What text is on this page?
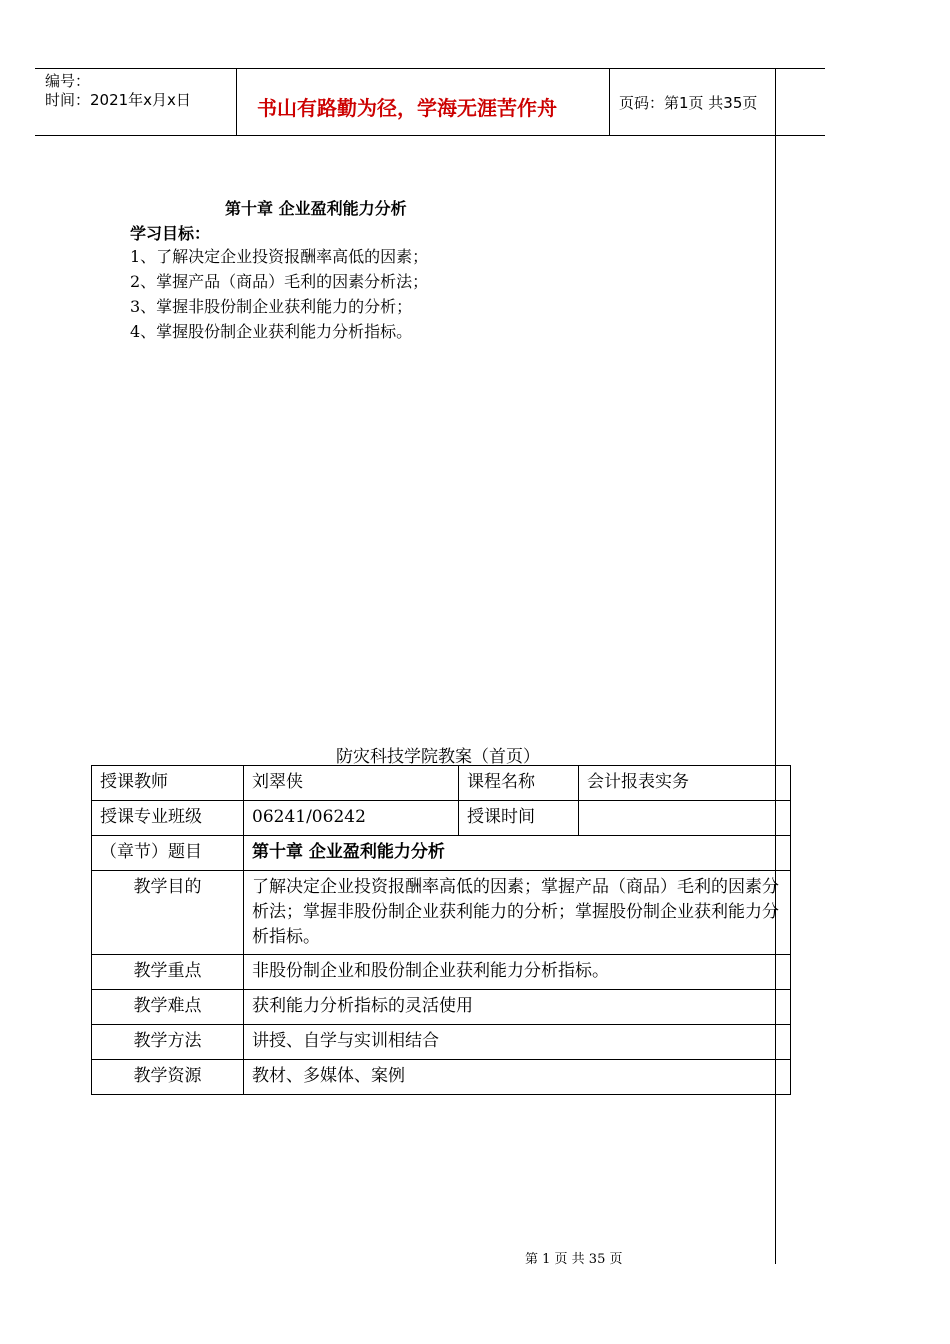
编号：
时间：2021年x月x日	书山有路勤为径，学海无涯苦作舟	页码：第1页 共35页
第十章 企业盈利能力分析
学习目标：
1、了解决定企业投资报酬率高低的因素；
2、掌握产品（商品）毛利的因素分析法；
3、掌握非股份制企业获利能力的分析；
4、掌握股份制企业获利能力分析指标。
防灾科技学院教案（首页）
授课教师	刘翠侠	课程名称	会计报表实务
授课专业班级	06241/06242	授课时间	
（章节）题目	第十章 企业盈利能力分析		
教学目的	了解决定企业投资报酬率高低的因素；掌握产品（商品）毛利的因素分析法；掌握非股份制企业获利能力的分析；掌握股份制企业获利能力分析指标。		
教学重点	非股份制企业和股份制企业获利能力分析指标。		
教学难点	获利能力分析指标的灵活使用		
教学方法	讲授、自学与实训相结合		
教学资源	教材、多媒体、案例		
第 1 页 共 35 页
